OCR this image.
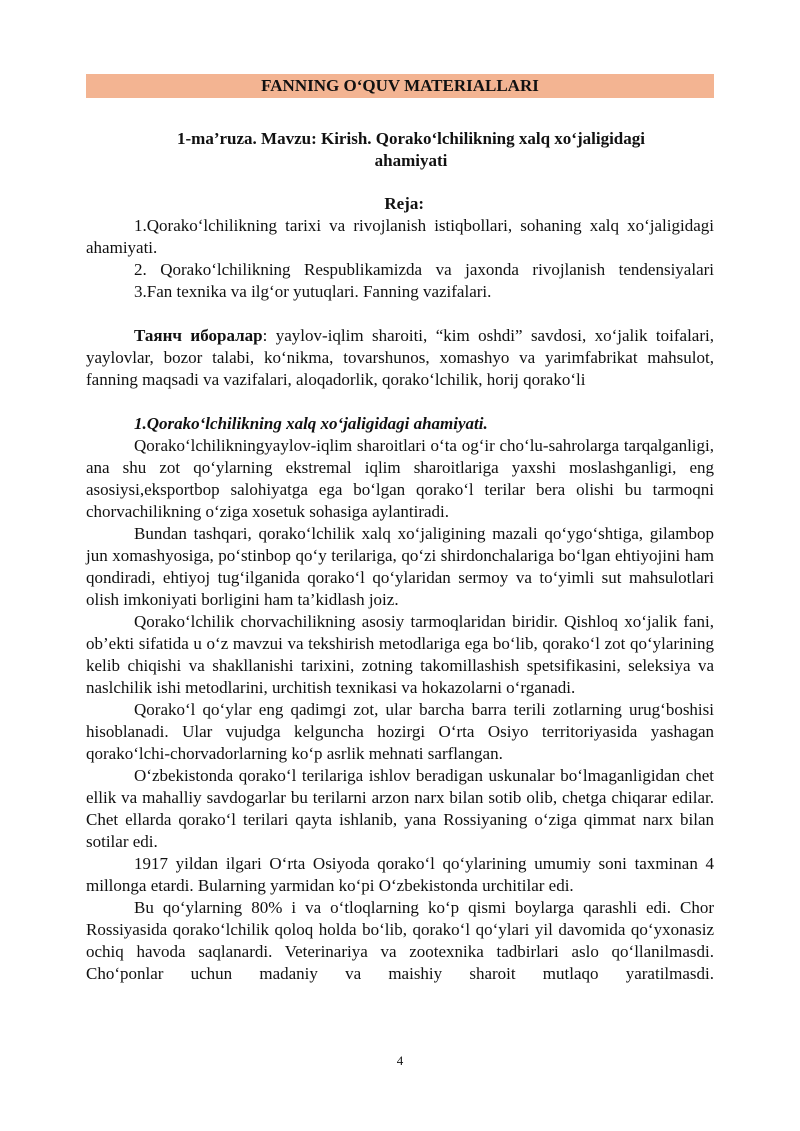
FANNING O‘QUV MATERIALLARI
1-ma’ruza. Mavzu: Kirish. Qorako‘lchilikning xalq xo‘jaligidagi
ahamiyati
Reja:

1.Qorako‘lchilikning tarixi va rivojlanish istiqbollari, sohaning xalq xo‘jaligidagi ahamiyati.

2. Qorako‘lchilikning Respublikamizda va jaxonda rivojlanish tendensiyalari

3.Fan texnika va ilg‘or yutuqlari. Fanning vazifalari.

Таянч иборалар: yaylov-iqlim sharoiti, “kim oshdi” savdosi, xo‘jalik toifalari, yaylovlar, bozor talabi, ko‘nikma, tovarshunos, xomashyo va yarimfabrikat mahsulot, fanning maqsadi va vazifalari, aloqadorlik, qorako‘lchilik, horij qorako‘li

1.Qorako‘lchilikning xalq xo‘jaligidagi ahamiyati.

Qorako‘lchilikningyaylov-iqlim sharoitlari o‘ta og‘ir cho‘lu-sahrolarga tarqalganligi, ana shu zot qo‘ylarning ekstremal iqlim sharoitlariga yaxshi moslashganligi, eng asosiysi,eksportbop salohiyatga ega bo‘lgan qorako‘l terilar bera olishi bu tarmoqni chorvachilikning o‘ziga xosetuk sohasiga aylantiradi.

Bundan tashqari, qorako‘lchilik xalq xo‘jaligining mazali qo‘ygo‘shtiga, gilambop jun xomashyosiga, po‘stinbop qo‘y terilariga, qo‘zi shirdonchalariga bo‘lgan ehtiyojini ham qondiradi, ehtiyoj tug‘ilganida qorako‘l qo‘ylaridan sermoy va to‘yimli sut mahsulotlari olish imkoniyati borligini ham ta’kidlash joiz.

Qorako‘lchilik chorvachilikning asosiy tarmoqlaridan biridir. Qishloq xo‘jalik fani, ob’ekti sifatida u o‘z mavzui va tekshirish metodlariga ega bo‘lib, qorako‘l zot qo‘ylarining kelib chiqishi va shakllanishi tarixini, zotning takomillashish spetsifikasini, seleksiya va naslchilik ishi metodlarini, urchitish texnikasi va hokazolarni o‘rganadi.

Qorako‘l qo‘ylar eng qadimgi zot, ular barcha barra terili zotlarning urug‘boshisi hisoblanadi. Ular vujudga kelguncha hozirgi O‘rta Osiyo territoriyasida yashagan qorako‘lchi-chorvadorlarning ko‘p asrlik mehnati sarflangan.

O‘zbekistonda qorako‘l terilariga ishlov beradigan uskunalar bo‘lmaganligidan chet ellik va mahalliy savdogarlar bu terilarni arzon narx bilan sotib olib, chetga chiqarar edilar. Chet ellarda qorako‘l terilari qayta ishlanib, yana Rossiyaning o‘ziga qimmat narx bilan sotilar edi.

1917 yildan ilgari O‘rta Osiyoda qorako‘l qo‘ylarining umumiy soni taxminan 4 millonga etardi. Bularning yarmidan ko‘pi O‘zbekistonda urchitilar edi.

Bu qo‘ylarning 80% i va o‘tloqlarning ko‘p qismi boylarga qarashli edi. Chor Rossiyasida qorako‘lchilik qoloq holda bo‘lib, qorako‘l qo‘ylari yil davomida qo‘yxonasiz ochiq havoda saqlanardi. Veterinariya va zootexnika tadbirlari aslo qo‘llanilmasdi. Cho‘ponlar uchun madaniy va maishiy sharoit mutlaqo yaratilmasdi.

4
